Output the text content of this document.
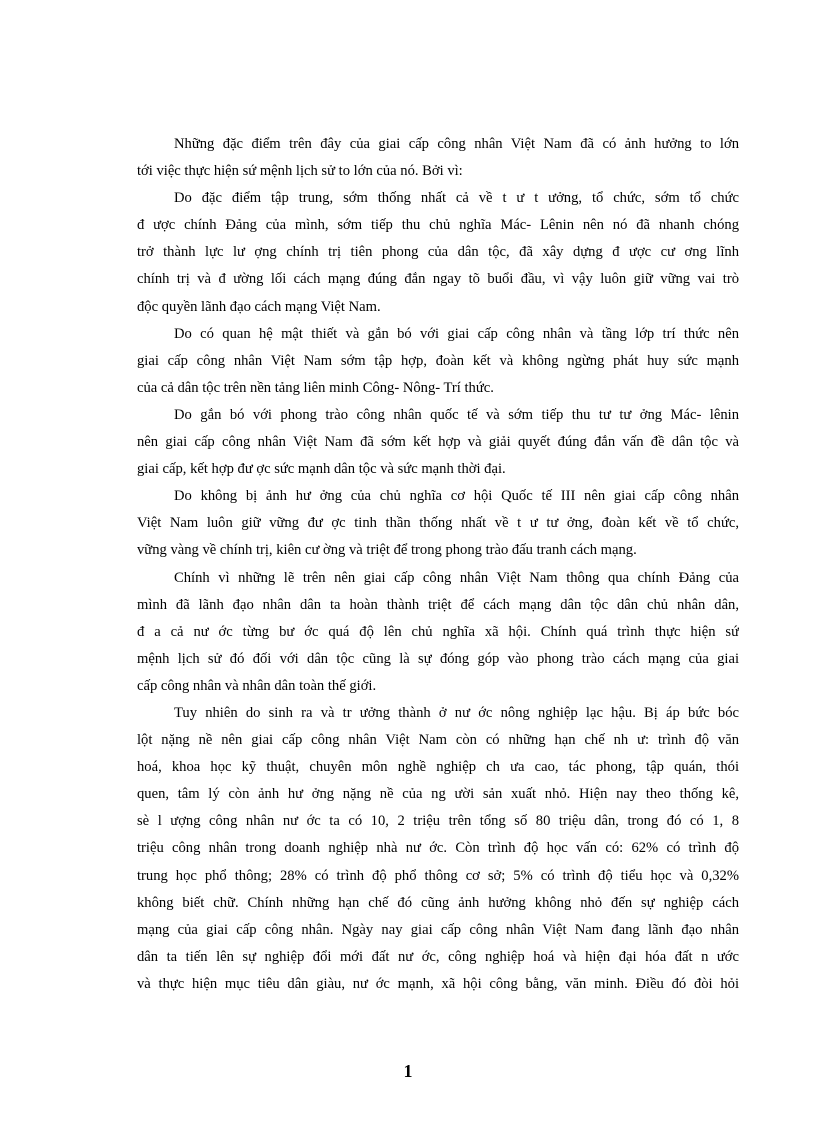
Những đặc điểm trên đây của giai cấp công nhân Việt Nam đã có ảnh hưởng to lớn
tới việc thực hiện sứ mệnh lịch sử to lớn của nó. Bởi vì:
Do đặc điểm tập trung, sớm thống nhất cả về t ư t ưởng, tổ chức, sớm tổ chức
đ ược chính Đảng của mình, sớm tiếp thu chủ nghĩa Mác- Lênin nên nó đã nhanh chóng
trở thành lực lư ợng chính trị tiên phong của dân tộc, đã xây dựng đ ược cư ơng lĩnh
chính trị và đ ường lối cách mạng đúng đắn ngay tõ buổi đầu, vì vậy luôn giữ vững vai trò
độc quyền lãnh đạo cách mạng Việt Nam.
Do có quan hệ mật thiết và gắn bó với giai cấp công nhân và tầng lớp trí thức nên
giai cấp công nhân Việt Nam sớm tập hợp, đoàn kết và không ngừng phát huy sức mạnh
của cả dân tộc trên nền tảng liên minh Công- Nông- Trí thức.
Do gắn bó với phong trào công nhân quốc tế và sớm tiếp thu tư tư ởng Mác- lênin
nên giai cấp công nhân Việt Nam đã sớm kết hợp và giải quyết đúng đắn vấn đề dân tộc và
giai cấp, kết hợp đư ợc sức mạnh dân tộc và sức mạnh thời đại.
Do không bị ảnh hư ởng của chủ nghĩa cơ hội Quốc tế III nên giai cấp công nhân
Việt Nam luôn giữ vững đư ợc tinh thần thống nhất về t ư tư ởng, đoàn kết về tổ chức,
vững vàng về chính trị, kiên cư ờng và triệt để trong phong trào đấu tranh cách mạng.
Chính vì những lẽ trên nên giai cấp công nhân Việt Nam thông qua chính Đảng của
mình đã lãnh đạo nhân dân ta hoàn thành triệt để cách mạng dân tộc dân chủ nhân dân,
đ a cả nư ớc từng bư ớc quá độ lên chủ nghĩa xã hội. Chính quá trình thực hiện sứ
mệnh lịch sử đó đối với dân tộc cũng là sự đóng góp vào phong trào cách mạng của giai
cấp công nhân và nhân dân toàn thế giới.
Tuy nhiên do sinh ra và tr ưởng thành ở nư ớc nông nghiệp lạc hậu. Bị áp bức bóc
lột nặng nề nên giai cấp công nhân Việt Nam còn có những hạn chế nh ư: trình độ văn
hoá, khoa học kỹ thuật, chuyên môn nghề nghiệp ch ưa cao, tác phong, tập quán, thói
quen, tâm lý còn ảnh hư ởng nặng nề của ng ười sản xuất nhỏ. Hiện nay theo thống kê,
sè l ượng công nhân nư ớc ta có 10, 2 triệu trên tổng số 80 triệu dân, trong đó có 1, 8
triệu công nhân trong doanh nghiệp nhà nư ớc. Còn trình độ học vấn có: 62% có trình độ
trung học phổ thông; 28% có trình độ phổ thông cơ sở; 5% có trình độ tiểu học và 0,32%
không biết chữ. Chính những hạn chế đó cũng ảnh hưởng không nhỏ đến sự nghiệp cách
mạng của giai cấp công nhân. Ngày nay giai cấp công nhân Việt Nam đang lãnh đạo nhân
dân ta tiến lên sự nghiệp đổi mới đất nư ớc, công nghiệp hoá và hiện đại hóa đất n ước
và thực hiện mục tiêu dân giàu, nư ớc mạnh, xã hội công bằng, văn minh. Điều đó đòi hỏi
1
